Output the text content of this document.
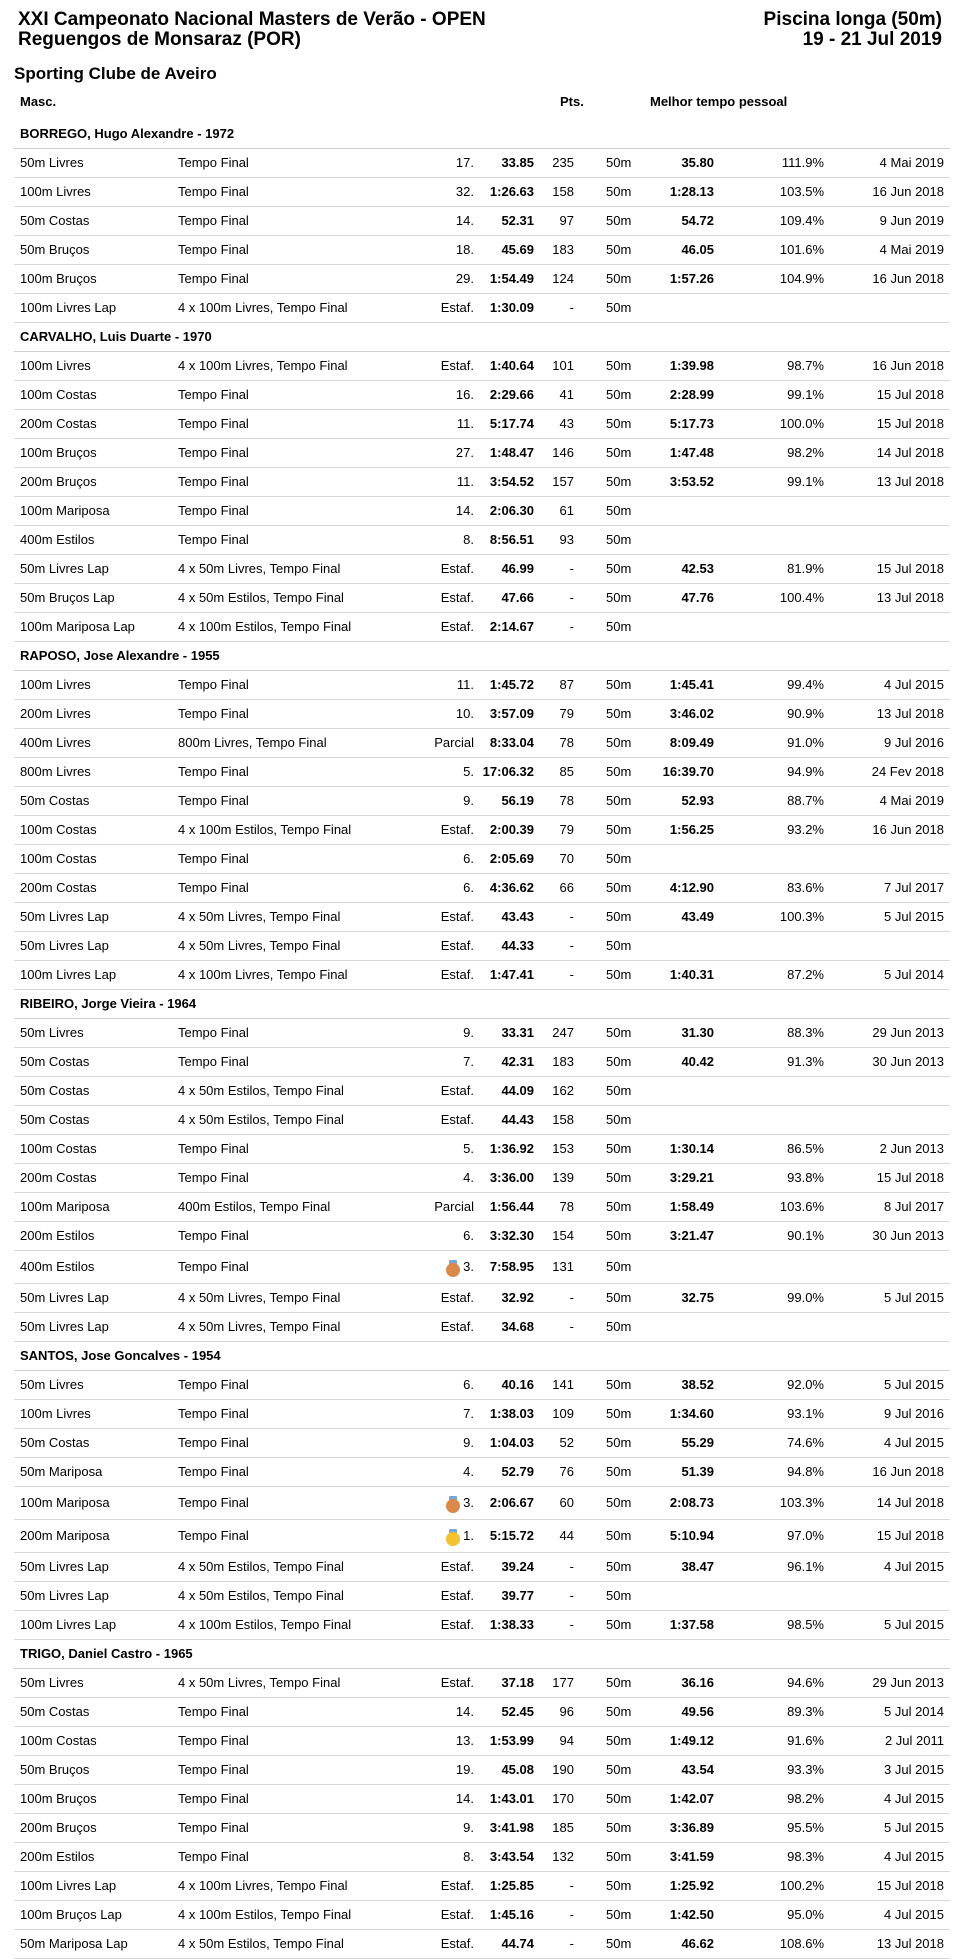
XXI Campeonato Nacional Masters de Verão - OPEN
Reguengos de Monsaraz (POR)
Piscina longa (50m)
19 - 21 Jul 2019
Sporting Clube de Aveiro
Masc.	Pts.	Melhor tempo pessoal
BORREGO, Hugo Alexandre - 1972
50m Livres	Tempo Final	17. 33.85	235 50m	35.80	111.9%	4 Mai 2019
100m Livres	Tempo Final	32. 1:26.63	158 50m	1:28.13	103.5%	16 Jun 2018
50m Costas	Tempo Final	14. 52.31	97 50m	54.72	109.4%	9 Jun 2019
50m Bruços	Tempo Final	18. 45.69	183 50m	46.05	101.6%	4 Mai 2019
100m Bruços	Tempo Final	29. 1:54.49	124 50m	1:57.26	104.9%	16 Jun 2018
100m Livres Lap	4 x 100m Livres, Tempo Final	Estaf. 1:30.09	- 50m
CARVALHO, Luis Duarte - 1970
100m Livres	4 x 100m Livres, Tempo Final	Estaf. 1:40.64	101 50m	1:39.98	98.7%	16 Jun 2018
100m Costas	Tempo Final	16. 2:29.66	41 50m	2:28.99	99.1%	15 Jul 2018
200m Costas	Tempo Final	11. 5:17.74	43 50m	5:17.73	100.0%	15 Jul 2018
100m Bruços	Tempo Final	27. 1:48.47	146 50m	1:47.48	98.2%	14 Jul 2018
200m Bruços	Tempo Final	11. 3:54.52	157 50m	3:53.52	99.1%	13 Jul 2018
100m Mariposa	Tempo Final	14. 2:06.30	61 50m
400m Estilos	Tempo Final	8. 8:56.51	93 50m
50m Livres Lap	4 x 50m Livres, Tempo Final	Estaf. 46.99	- 50m	42.53	81.9%	15 Jul 2018
50m Bruços Lap	4 x 50m Estilos, Tempo Final	Estaf. 47.66	- 50m	47.76	100.4%	13 Jul 2018
100m Mariposa Lap	4 x 100m Estilos, Tempo Final	Estaf. 2:14.67	- 50m
RAPOSO, Jose Alexandre - 1955
100m Livres	Tempo Final	11. 1:45.72	87 50m	1:45.41	99.4%	4 Jul 2015
200m Livres	Tempo Final	10. 3:57.09	79 50m	3:46.02	90.9%	13 Jul 2018
400m Livres	800m Livres, Tempo Final	Parcial 8:33.04	78 50m	8:09.49	91.0%	9 Jul 2016
800m Livres	Tempo Final	5. 17:06.32	85 50m 16:39.70	94.9%	24 Fev 2018
50m Costas	Tempo Final	9. 56.19	78 50m	52.93	88.7%	4 Mai 2019
100m Costas	4 x 100m Estilos, Tempo Final	Estaf. 2:00.39	79 50m	1:56.25	93.2%	16 Jun 2018
100m Costas	Tempo Final	6. 2:05.69	70 50m
200m Costas	Tempo Final	6. 4:36.62	66 50m	4:12.90	83.6%	7 Jul 2017
50m Livres Lap	4 x 50m Livres, Tempo Final	Estaf. 43.43	- 50m	43.49	100.3%	5 Jul 2015
50m Livres Lap	4 x 50m Livres, Tempo Final	Estaf. 44.33	- 50m
100m Livres Lap	4 x 100m Livres, Tempo Final	Estaf. 1:47.41	- 50m	1:40.31	87.2%	5 Jul 2014
RIBEIRO, Jorge Vieira - 1964
50m Livres	Tempo Final	9. 33.31	247 50m	31.30	88.3%	29 Jun 2013
50m Costas	Tempo Final	7. 42.31	183 50m	40.42	91.3%	30 Jun 2013
50m Costas	4 x 50m Estilos, Tempo Final	Estaf. 44.09	162 50m
50m Costas	4 x 50m Estilos, Tempo Final	Estaf. 44.43	158 50m
100m Costas	Tempo Final	5. 1:36.92	153 50m	1:30.14	86.5%	2 Jun 2013
200m Costas	Tempo Final	4. 3:36.00	139 50m	3:29.21	93.8%	15 Jul 2018
100m Mariposa	400m Estilos, Tempo Final	Parcial 1:56.44	78 50m	1:58.49	103.6%	8 Jul 2017
200m Estilos	Tempo Final	6. 3:32.30	154 50m	3:21.47	90.1%	30 Jun 2013
400m Estilos	Tempo Final	3. 7:58.95	131 50m
50m Livres Lap	4 x 50m Livres, Tempo Final	Estaf. 32.92	- 50m	32.75	99.0%	5 Jul 2015
50m Livres Lap	4 x 50m Livres, Tempo Final	Estaf. 34.68	- 50m
SANTOS, Jose Goncalves - 1954
50m Livres	Tempo Final	6. 40.16	141 50m	38.52	92.0%	5 Jul 2015
100m Livres	Tempo Final	7. 1:38.03	109 50m	1:34.60	93.1%	9 Jul 2016
50m Costas	Tempo Final	9. 1:04.03	52 50m	55.29	74.6%	4 Jul 2015
50m Mariposa	Tempo Final	4. 52.79	76 50m	51.39	94.8%	16 Jun 2018
100m Mariposa	Tempo Final	3. 2:06.67	60 50m	2:08.73	103.3%	14 Jul 2018
200m Mariposa	Tempo Final	1. 5:15.72	44 50m	5:10.94	97.0%	15 Jul 2018
50m Livres Lap	4 x 50m Estilos, Tempo Final	Estaf. 39.24	- 50m	38.47	96.1%	4 Jul 2015
50m Livres Lap	4 x 50m Estilos, Tempo Final	Estaf. 39.77	- 50m
100m Livres Lap	4 x 100m Estilos, Tempo Final	Estaf. 1:38.33	- 50m	1:37.58	98.5%	5 Jul 2015
TRIGO, Daniel Castro - 1965
50m Livres	4 x 50m Livres, Tempo Final	Estaf. 37.18	177 50m	36.16	94.6%	29 Jun 2013
50m Costas	Tempo Final	14. 52.45	96 50m	49.56	89.3%	5 Jul 2014
100m Costas	Tempo Final	13. 1:53.99	94 50m	1:49.12	91.6%	2 Jul 2011
50m Bruços	Tempo Final	19. 45.08	190 50m	43.54	93.3%	3 Jul 2015
100m Bruços	Tempo Final	14. 1:43.01	170 50m	1:42.07	98.2%	4 Jul 2015
200m Bruços	Tempo Final	9. 3:41.98	185 50m	3:36.89	95.5%	5 Jul 2015
200m Estilos	Tempo Final	8. 3:43.54	132 50m	3:41.59	98.3%	4 Jul 2015
100m Livres Lap	4 x 100m Livres, Tempo Final	Estaf. 1:25.85	- 50m	1:25.92	100.2%	15 Jul 2018
100m Bruços Lap	4 x 100m Estilos, Tempo Final	Estaf. 1:45.16	- 50m	1:42.50	95.0%	4 Jul 2015
50m Mariposa Lap	4 x 50m Estilos, Tempo Final	Estaf. 44.74	- 50m	46.62	108.6%	13 Jul 2018
